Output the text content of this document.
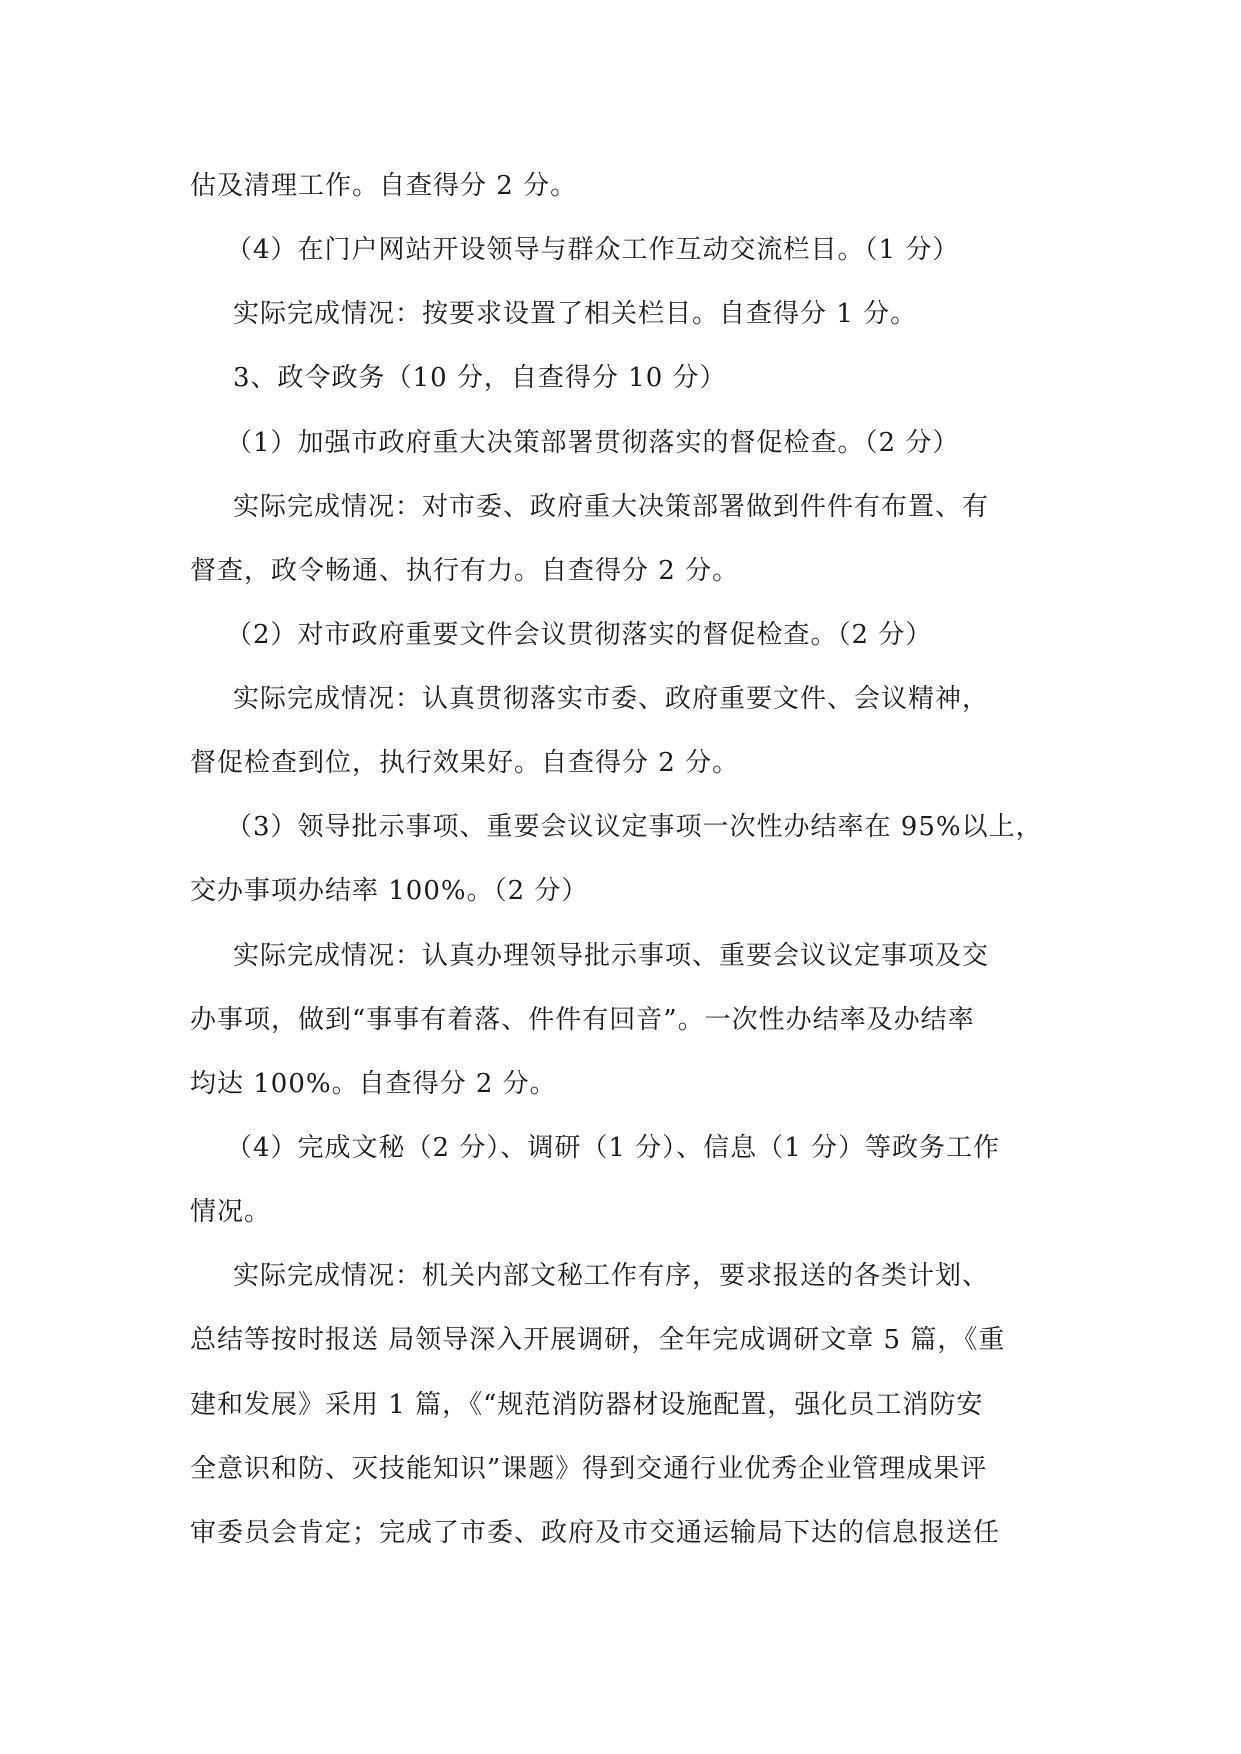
估及清理工作。自查得分 2 分。
（4）在门户网站开设领导与群众工作互动交流栏目。（1 分）
实际完成情况：按要求设置了相关栏目。自查得分 1 分。
3、政令政务（10 分，自查得分 10 分）
（1）加强市政府重大决策部署贯彻落实的督促检查。（2 分）
实际完成情况：对市委、政府重大决策部署做到件件有布置、有
督查，政令畅通、执行有力。自查得分 2 分。
（2）对市政府重要文件会议贯彻落实的督促检查。（2 分）
实际完成情况：认真贯彻落实市委、政府重要文件、会议精神，
督促检查到位，执行效果好。自查得分 2 分。
（3）领导批示事项、重要会议议定事项一次性办结率在 95%以上，
交办事项办结率 100%。（2 分）
实际完成情况：认真办理领导批示事项、重要会议议定事项及交
办事项，做到“事事有着落、件件有回音”。一次性办结率及办结率
均达 100%。自查得分 2 分。
（4）完成文秘（2 分）、调研（1 分）、信息（1 分）等政务工作
情况。
实际完成情况：机关内部文秘工作有序，要求报送的各类计划、
总结等按时报送 局领导深入开展调研，全年完成调研文章 5 篇，《重
建和发展》采用 1 篇，《“规范消防器材设施配置，强化员工消防安
全意识和防、灭技能知识”课题》得到交通行业优秀企业管理成果评
审委员会肯定；完成了市委、政府及市交通运输局下达的信息报送任
